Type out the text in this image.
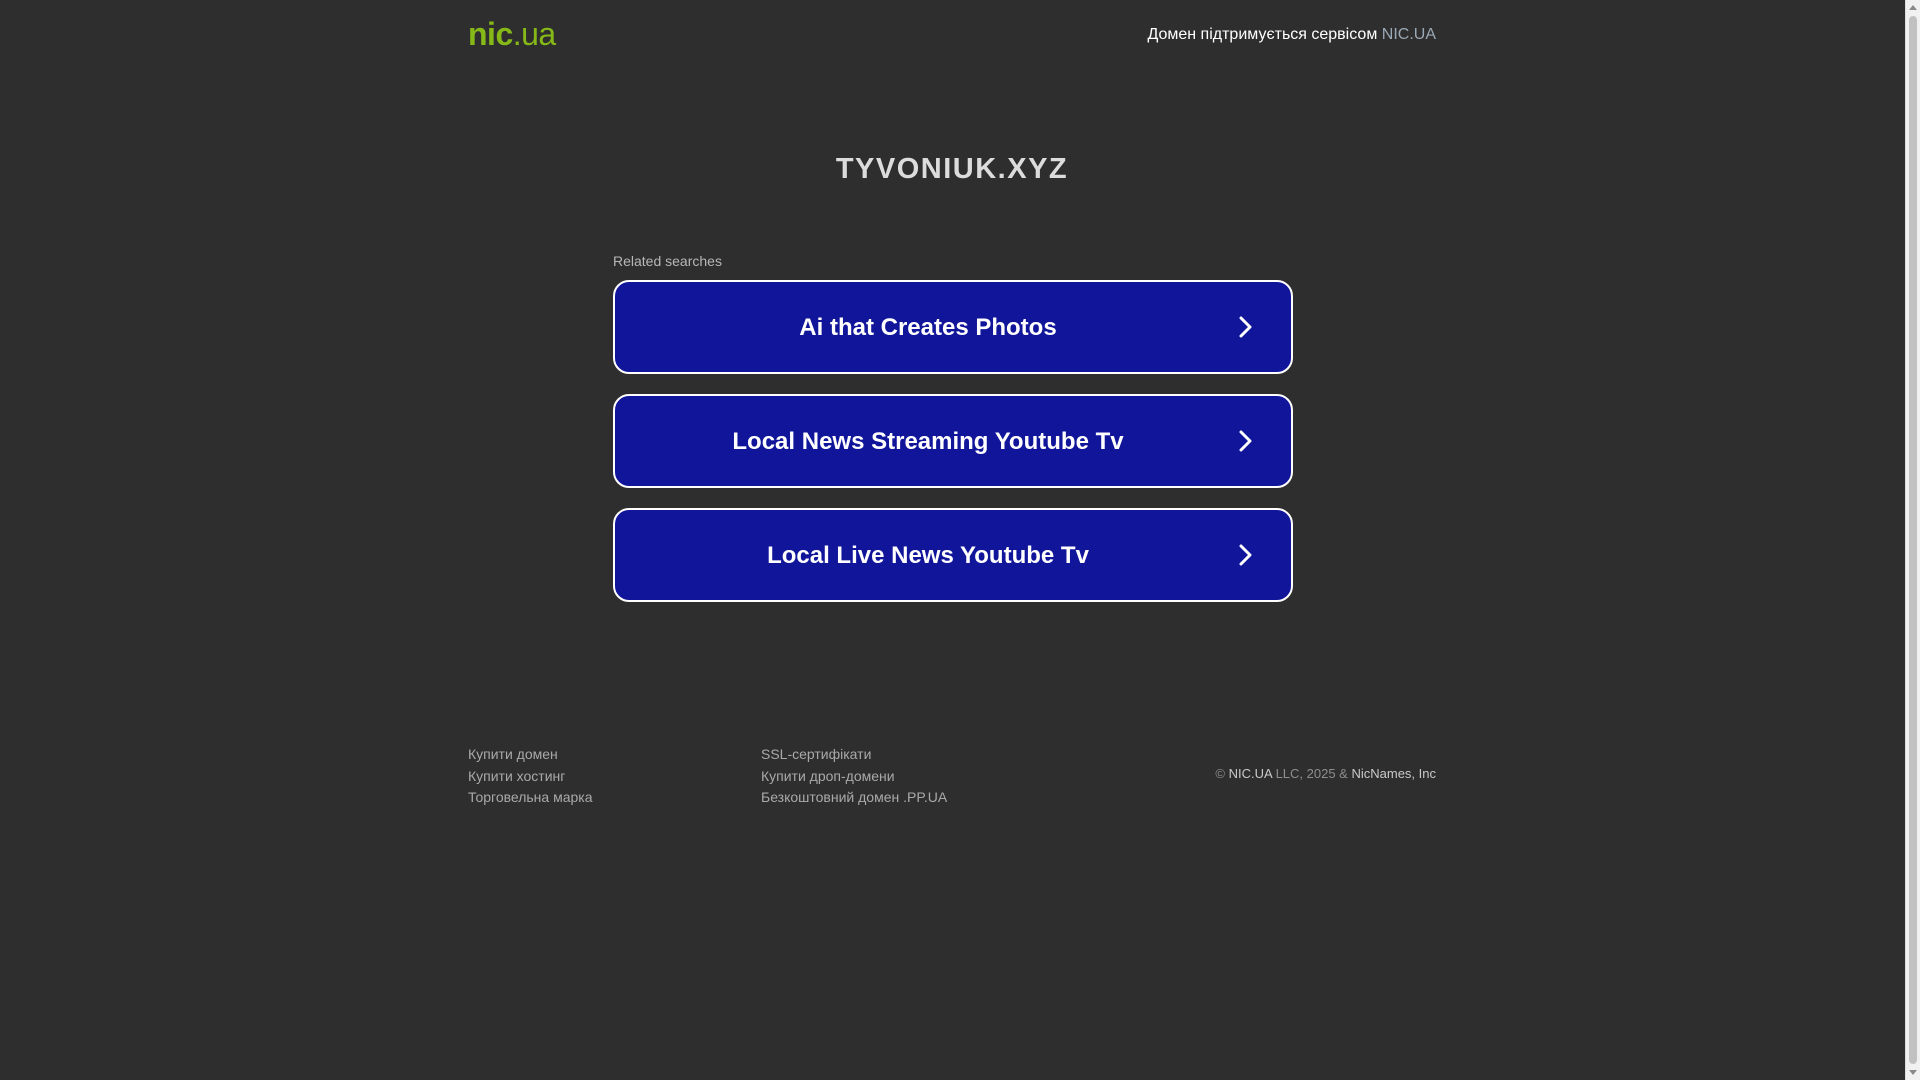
nic.ua	Домен підтримується сервісом NIC.UA
TYVONIUK.XYZ
Related searches
Ai that Creates Photos
Local News Streaming Youtube Tv
Local Live News Youtube Tv
Купити домен
Купити хостинг
Торговельна марка
SSL-сертифікати
Купити дроп-домени
Безкоштовний домен .PP.UA
© NIC.UA LLC, 2025 & NicNames, Inc
